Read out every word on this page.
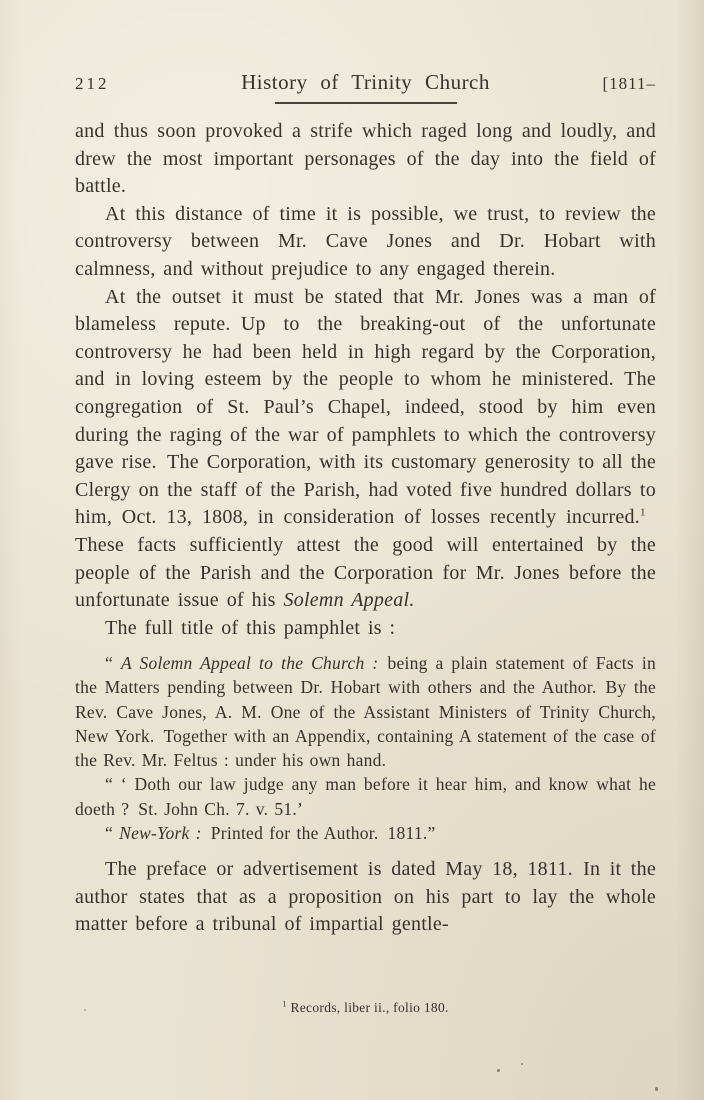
212	History of Trinity Church	[1811–

and thus soon provoked a strife which raged long and loudly, and drew the most important personages of the day into the field of battle.

At this distance of time it is possible, we trust, to review the controversy between Mr. Cave Jones and Dr. Hobart with calmness, and without prejudice to any engaged therein.

At the outset it must be stated that Mr. Jones was a man of blameless repute. Up to the breaking-out of the unfortunate controversy he had been held in high regard by the Corporation, and in loving esteem by the people to whom he ministered. The congregation of St. Paul’s Chapel, indeed, stood by him even during the raging of the war of pamphlets to which the controversy gave rise. The Corporation, with its customary generosity to all the Clergy on the staff of the Parish, had voted five hundred dollars to him, Oct. 13, 1808, in consideration of losses recently incurred.$^1$ These facts sufficiently attest the good will entertained by the people of the Parish and the Corporation for Mr. Jones before the unfortunate issue of his Solemn Appeal.

The full title of this pamphlet is :

“ A Solemn Appeal to the Church : being a plain statement of Facts in the Matters pending between Dr. Hobart with others and the Author. By the Rev. Cave Jones, A. M. One of the Assistant Ministers of Trinity Church, New York. Together with an Appendix, containing A statement of the case of the Rev. Mr. Feltus : under his own hand.

“ ‘ Doth our law judge any man before it hear him, and know what he doeth ? St. John Ch. 7. v. 51.’

“ New-York : Printed for the Author. 1811.”

The preface or advertisement is dated May 18, 1811. In it the author states that as a proposition on his part to lay the whole matter before a tribunal of impartial gentle-

$^1$ Records, liber ii., folio 180.
